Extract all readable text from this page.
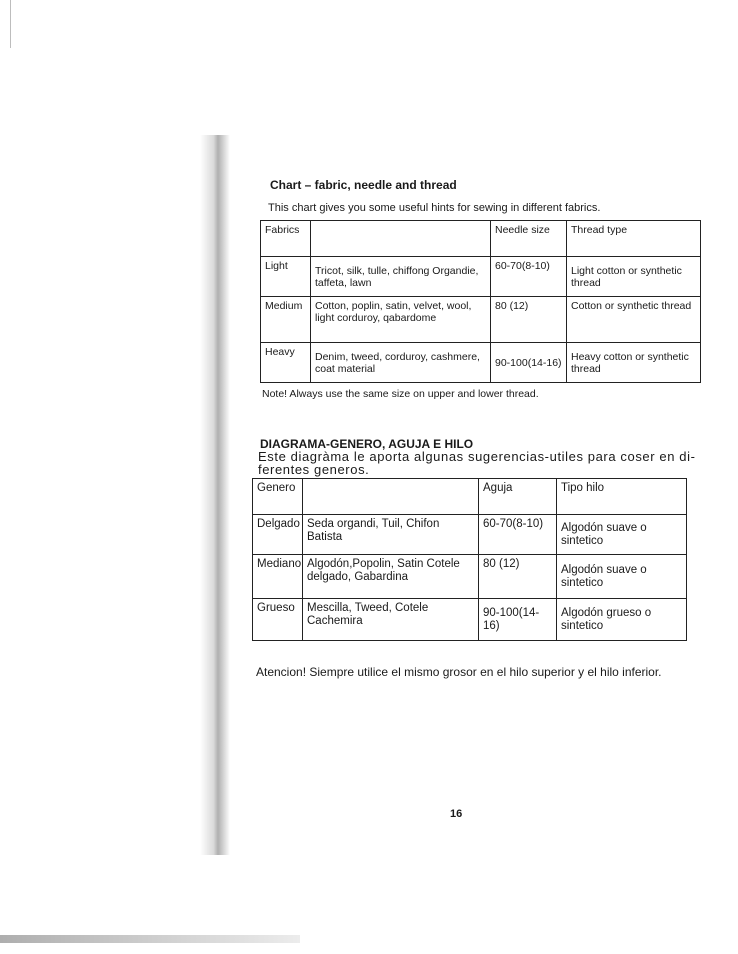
Chart – fabric, needle and thread

This chart gives you some useful hints for sewing in different fabrics.

Fabrics		Needle size	Thread type
Light	Tricot, silk, tulle, chiffong Organdie, taffeta, lawn	60-70(8-10)	Light cotton or synthetic thread
Medium	Cotton, poplin, satin, velvet, wool, light corduroy, qabardome	80 (12)	Cotton or synthetic thread
Heavy	Denim, tweed, corduroy, cashmere, coat material	90-100(14-16)	Heavy cotton or synthetic thread

Note! Always use the same size on upper and lower thread.

DIAGRAMA-GENERO, AGUJA E HILO

Este diagràma le aporta algunas sugerencias-utiles para coser en di-

ferentes generos.

Genero		Aguja	Tipo hilo
Delgado	Seda organdi, Tuil, Chifon Batista	60-70(8-10)	Algodón suave o sintetico
Mediano	Algodón,Popolin, Satin Cotele delgado, Gabardina	80 (12)	Algodón suave o sintetico
Grueso	Mescilla, Tweed, Cotele Cachemira	90-100(14-16)	Algodón grueso o sintetico

Atencion! Siempre utilice el mismo grosor en el hilo superior y el hilo inferior.

16
